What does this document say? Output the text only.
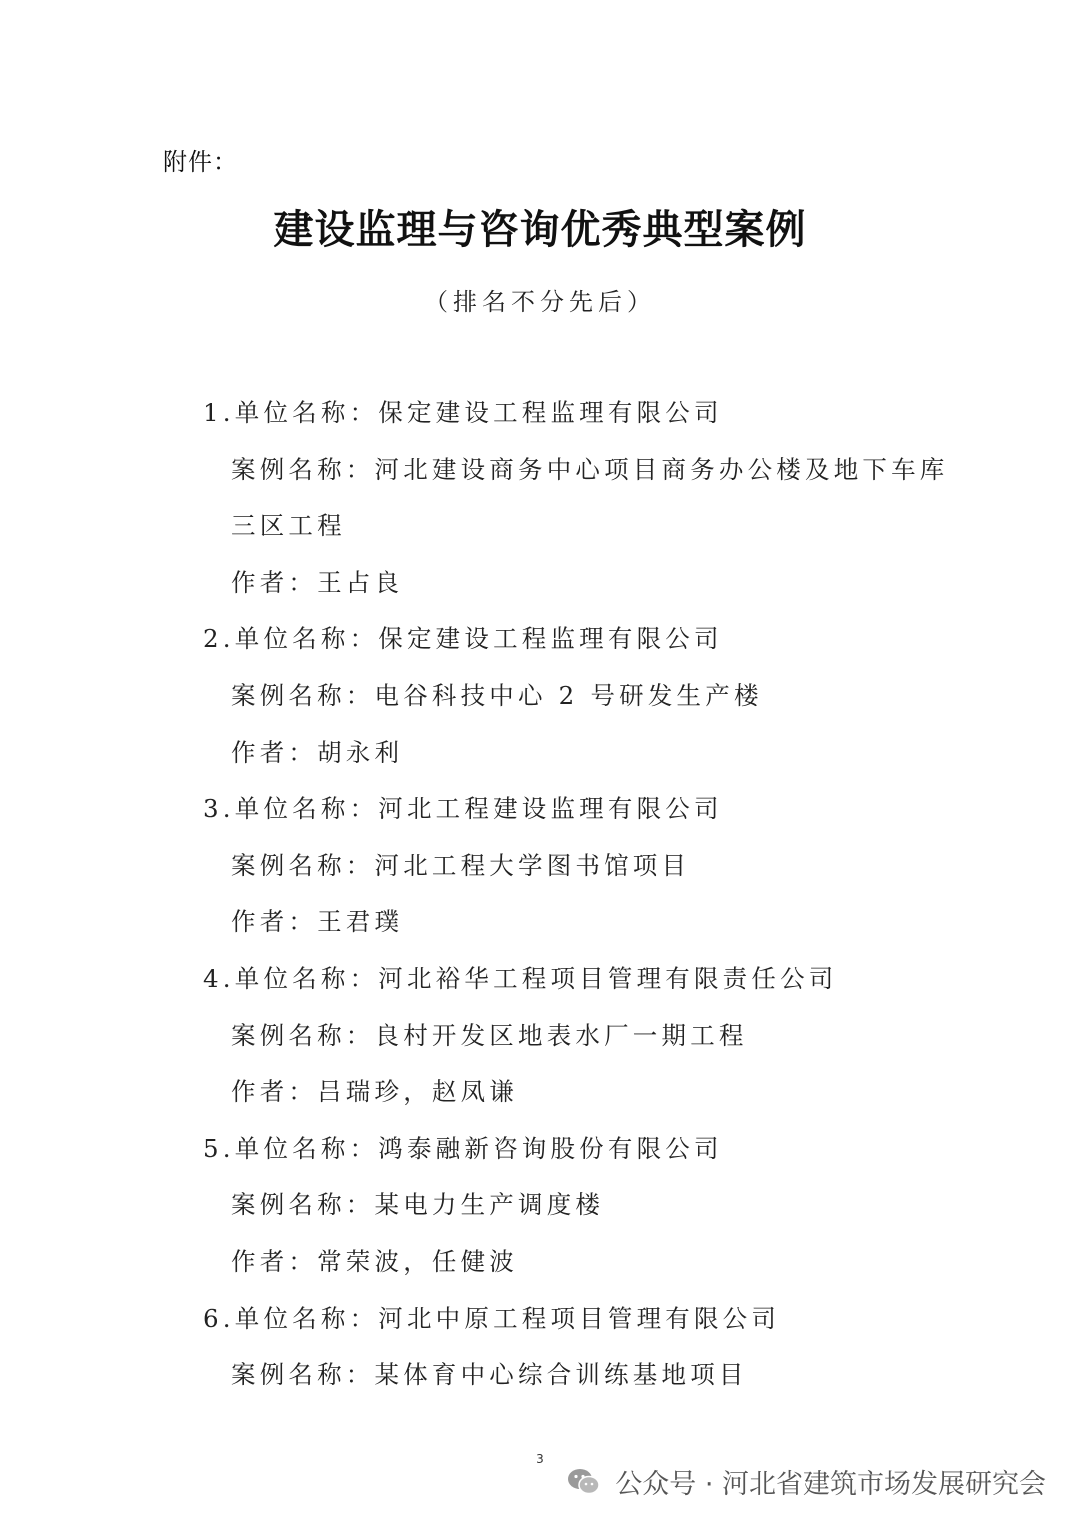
附件：
建设监理与咨询优秀典型案例
（排名不分先后）
1.单位名称：保定建设工程监理有限公司
案例名称：河北建设商务中心项目商务办公楼及地下车库
三区工程
作者：王占良
2.单位名称：保定建设工程监理有限公司
案例名称：电谷科技中心 2 号研发生产楼
作者：胡永利
3.单位名称：河北工程建设监理有限公司
案例名称：河北工程大学图书馆项目
作者：王君璞
4.单位名称：河北裕华工程项目管理有限责任公司
案例名称：良村开发区地表水厂一期工程
作者：吕瑞珍，赵凤谦
5.单位名称：鸿泰融新咨询股份有限公司
案例名称：某电力生产调度楼
作者：常荣波，任健波
6.单位名称：河北中原工程项目管理有限公司
案例名称：某体育中心综合训练基地项目
3
公众号 · 河北省建筑市场发展研究会
